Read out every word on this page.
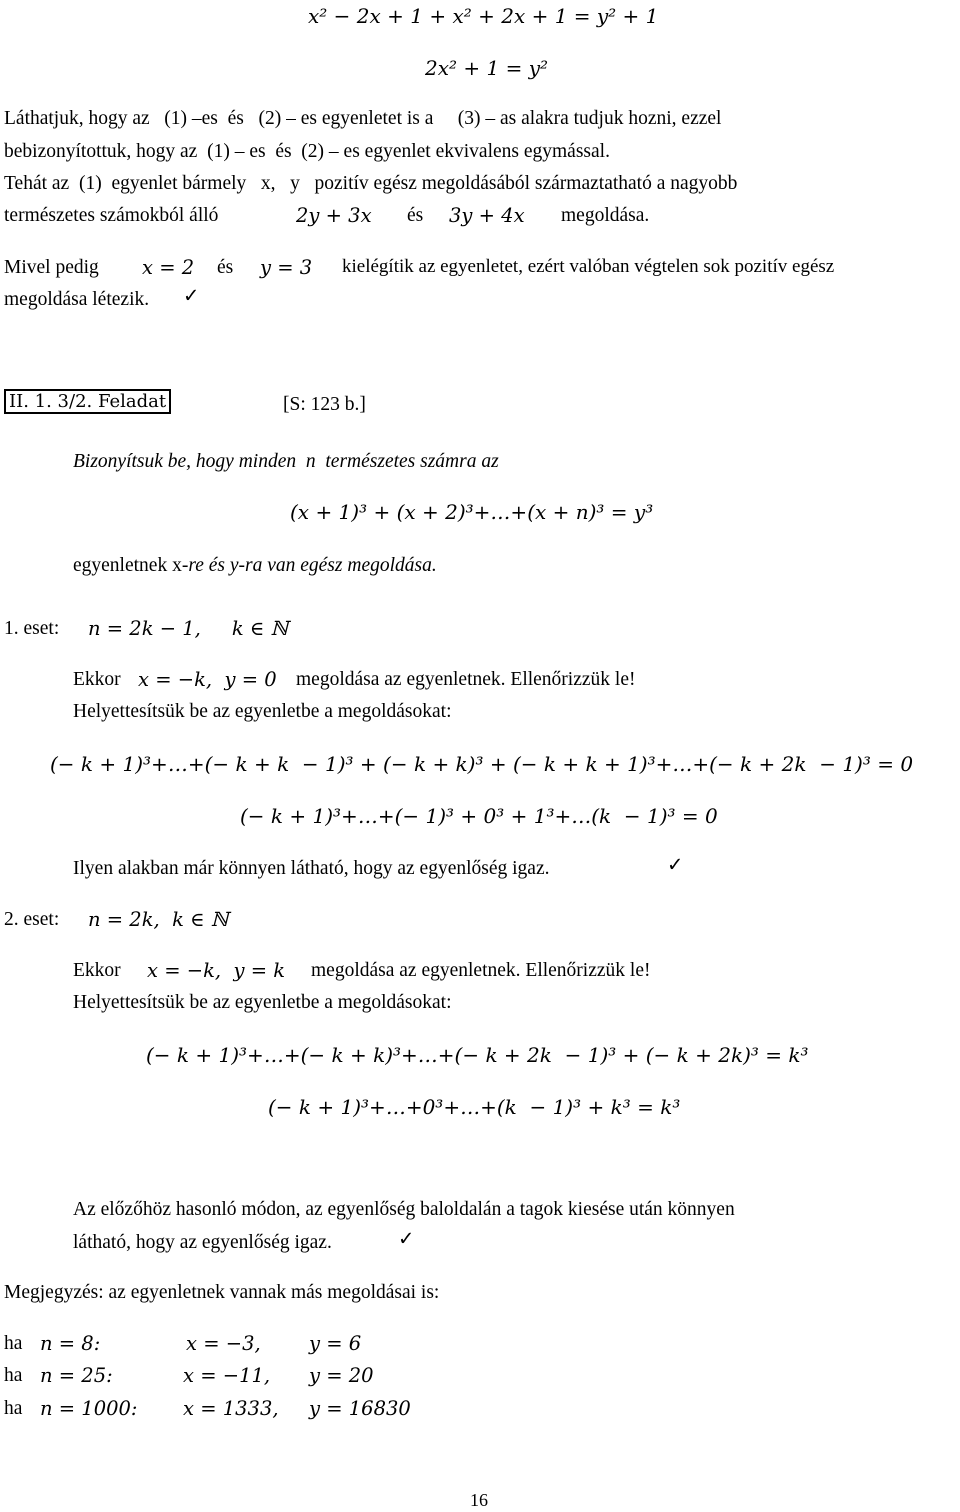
x² − 2x + 1 + x² + 2x + 1 = y² + 1
2x² + 1 = y²
Láthatjuk, hogy az   (1) –es  és   (2) – es egyenletet is a     (3) – as alakra tudjuk hozni, ezzel
bebizonyítottuk, hogy az  (1) – es  és  (2) – es egyenlet ekvivalens egymással.
Tehát az  (1)  egyenlet bármely   x,   y   pozitív egész megoldásából származtatható a nagyobb
természetes számokból álló	2y + 3x és 3y + 4x megoldása.
Mivel pedig x = 2 és y = 3 kielégítik az egyenletet, ezért valóban végtelen sok pozitív egész
megoldása létezik. ✓
II. 1. 3/2. Feladat	[S: 123 b.]
Bizonyítsuk be, hogy minden  n  természetes számra az
(x + 1)³ + (x + 2)³+…+(x + n)³ = y³
egyenletnek x-re és y-ra van egész megoldása.
1. eset: n = 2k − 1,     k ∈ ℕ
Ekkor x = −k,  y = 0 megoldása az egyenletnek. Ellenőrizzük le!
Helyettesítsük be az egyenletbe a megoldásokat:
(− k + 1)³+…+(− k + k  − 1)³ + (− k + k)³ + (− k + k + 1)³+…+(− k + 2k  − 1)³ = 0
(− k + 1)³+…+(− 1)³ + 0³ + 1³+…(k  − 1)³ = 0
Ilyen alakban már könnyen látható, hogy az egyenlőség igaz.	✓
2. eset: n = 2k,  k ∈ ℕ
Ekkor x = −k,  y = k megoldása az egyenletnek. Ellenőrizzük le!
Helyettesítsük be az egyenletbe a megoldásokat:
(− k + 1)³+…+(− k + k)³+…+(− k + 2k  − 1)³ + (− k + 2k)³ = k³
(− k + 1)³+…+0³+…+(k  − 1)³ + k³ = k³
Az előzőhöz hasonló módon, az egyenlőség baloldalán a tagok kiesése után könnyen
látható, hogy az egyenlőség igaz.	✓
Megjegyzés: az egyenletnek vannak más megoldásai is:
ha n = 8:	x = −3, y = 6
ha n = 25:	x = −11, y = 20
ha n = 1000: x = 1333, y = 16830
16
